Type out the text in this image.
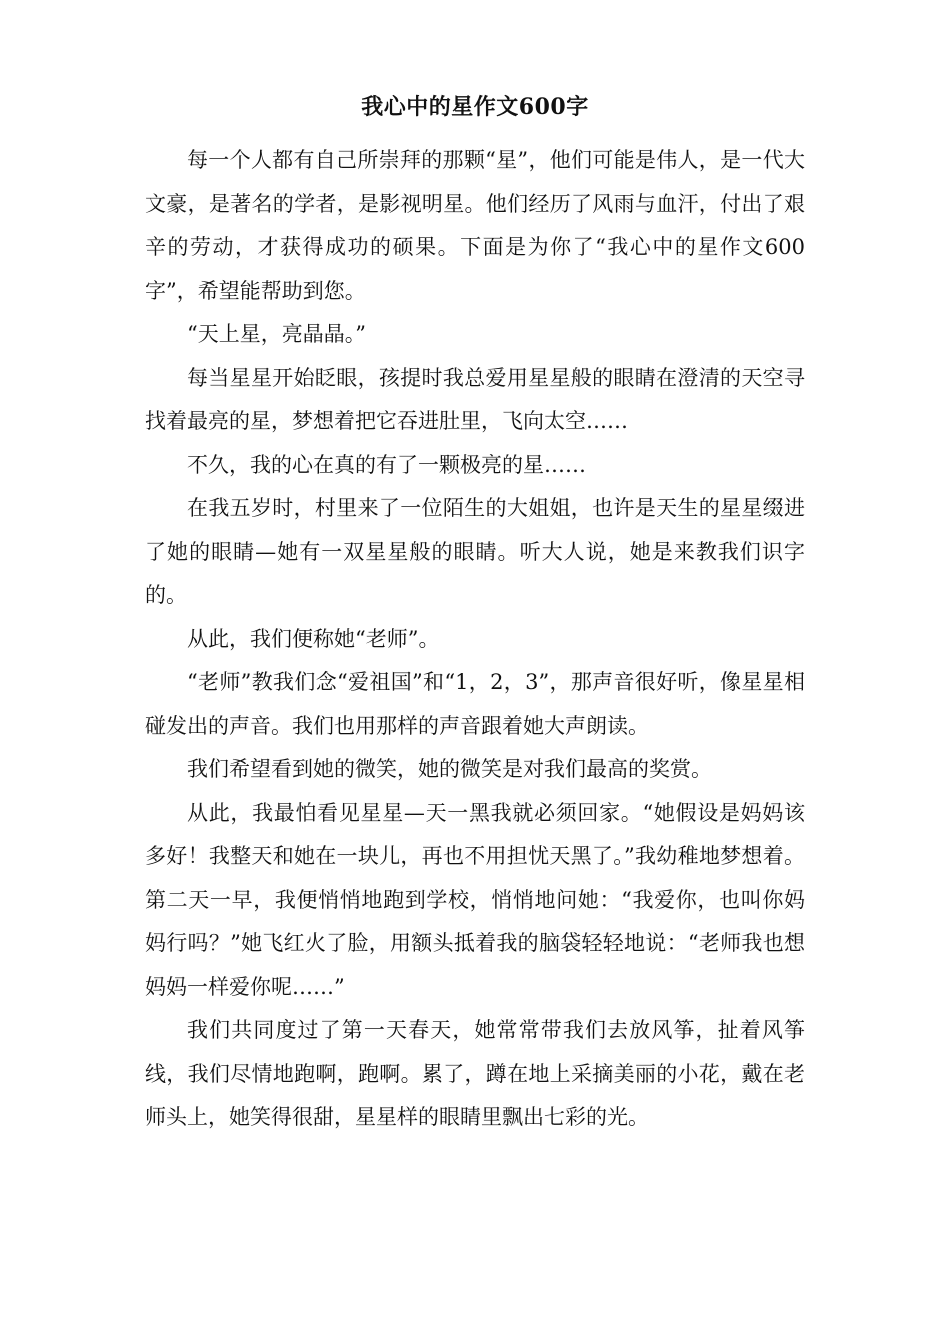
我心中的星作文600字

每一个人都有自己所崇拜的那颗“星”，他们可能是伟人，是一代大文豪，是著名的学者，是影视明星。他们经历了风雨与血汗，付出了艰辛的劳动，才获得成功的硕果。下面是为你了“我心中的星作文600字”，希望能帮助到您。

“天上星，亮晶晶。”

每当星星开始眨眼，孩提时我总爱用星星般的眼睛在澄清的天空寻找着最亮的星，梦想着把它吞进肚里，飞向太空……

不久，我的心在真的有了一颗极亮的星……

在我五岁时，村里来了一位陌生的大姐姐，也许是天生的星星缀进了她的眼睛—她有一双星星般的眼睛。听大人说，她是来教我们识字的。

从此，我们便称她“老师”。

“老师”教我们念“爱祖国”和“1，2，3”，那声音很好听，像星星相碰发出的声音。我们也用那样的声音跟着她大声朗读。

我们希望看到她的微笑，她的微笑是对我们最高的奖赏。

从此，我最怕看见星星—天一黑我就必须回家。“她假设是妈妈该多好！我整天和她在一块儿，再也不用担忧天黑了。”我幼稚地梦想着。第二天一早，我便悄悄地跑到学校，悄悄地问她：“我爱你，也叫你妈妈行吗？”她飞红火了脸，用额头抵着我的脑袋轻轻地说：“老师我也想妈妈一样爱你呢……”

我们共同度过了第一天春天，她常常带我们去放风筝，扯着风筝线，我们尽情地跑啊，跑啊。累了，蹲在地上采摘美丽的小花，戴在老师头上，她笑得很甜，星星样的眼睛里飘出七彩的光。
